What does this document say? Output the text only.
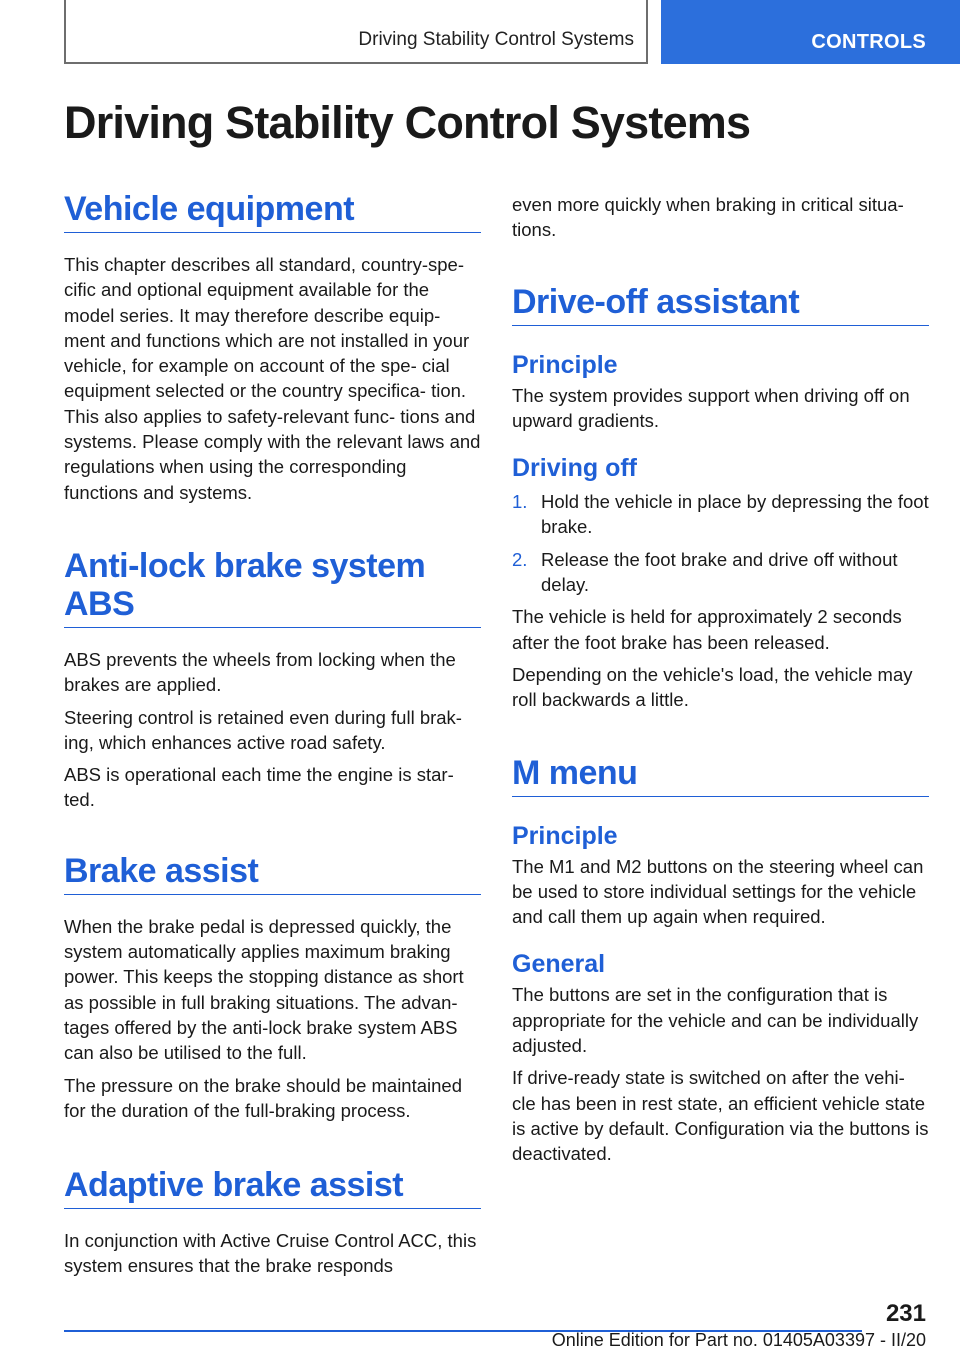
Driving Stability Control Systems	CONTROLS
Driving Stability Control Systems
Vehicle equipment

This chapter describes all standard, country-spe- cific and optional equipment available for the model series. It may therefore describe equip- ment and functions which are not installed in your vehicle, for example on account of the spe- cial equipment selected or the country specifica- tion. This also applies to safety-relevant func- tions and systems. Please comply with the relevant laws and regulations when using the corresponding functions and systems.

Anti-lock brake system
ABS

ABS prevents the wheels from locking when the brakes are applied.

Steering control is retained even during full brak- ing, which enhances active road safety.

ABS is operational each time the engine is star- ted.

Brake assist

When the brake pedal is depressed quickly, the system automatically applies maximum braking power. This keeps the stopping distance as short as possible in full braking situations. The advan- tages offered by the anti-lock brake system ABS can also be utilised to the full.

The pressure on the brake should be maintained for the duration of the full-braking process.

Adaptive brake assist

In conjunction with Active Cruise Control ACC, this system ensures that the brake responds

even more quickly when braking in critical situa- tions.

Drive-off assistant
Principle

The system provides support when driving off on upward gradients.

Driving off
1. Hold the vehicle in place by depressing the foot brake.
2. Release the foot brake and drive off without delay.

The vehicle is held for approximately 2 seconds after the foot brake has been released.

Depending on the vehicle's load, the vehicle may roll backwards a little.

M menu
Principle

The M1 and M2 buttons on the steering wheel can be used to store individual settings for the vehicle and call them up again when required.

General

The buttons are set in the configuration that is appropriate for the vehicle and can be individually adjusted.

If drive-ready state is switched on after the vehi- cle has been in rest state, an efficient vehicle state is active by default. Configuration via the buttons is deactivated.

231
Online Edition for Part no. 01405A03397 - II/20
